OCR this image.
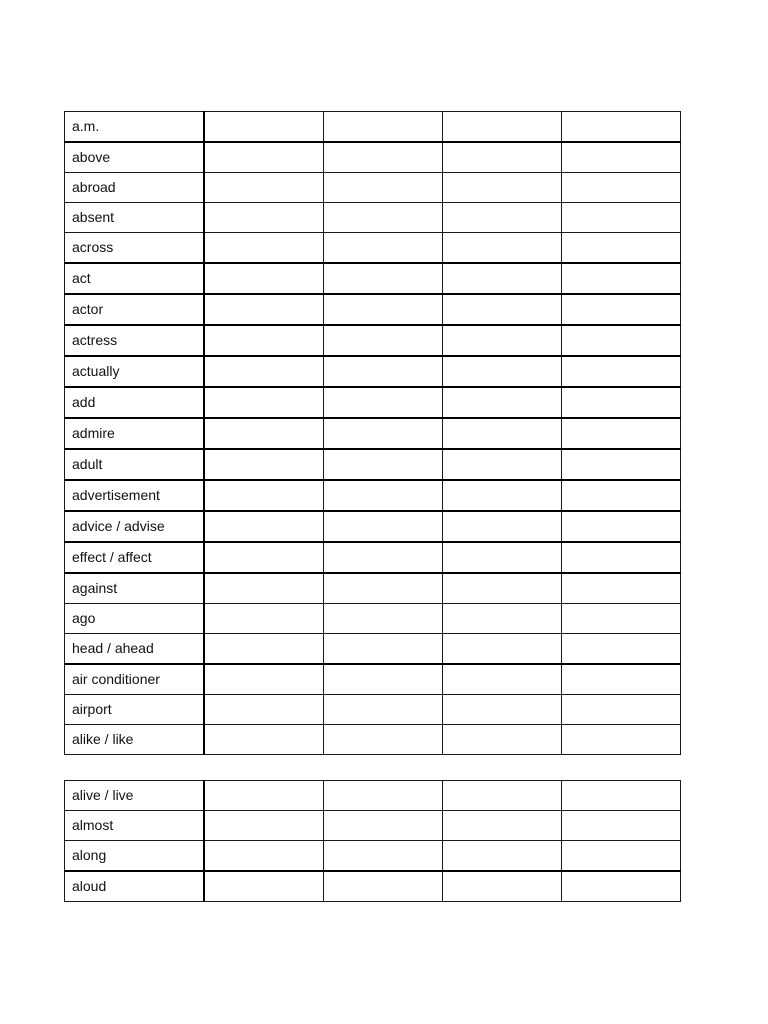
a.m.				
above				
abroad				
absent				
across				
act				
actor				
actress				
actually				
add				
admire				
adult				
advertisement				
advice / advise				
effect / affect				
against				
ago				
head / ahead				
air conditioner				
airport				
alike / like				
alive / live				
almost				
along				
aloud				
